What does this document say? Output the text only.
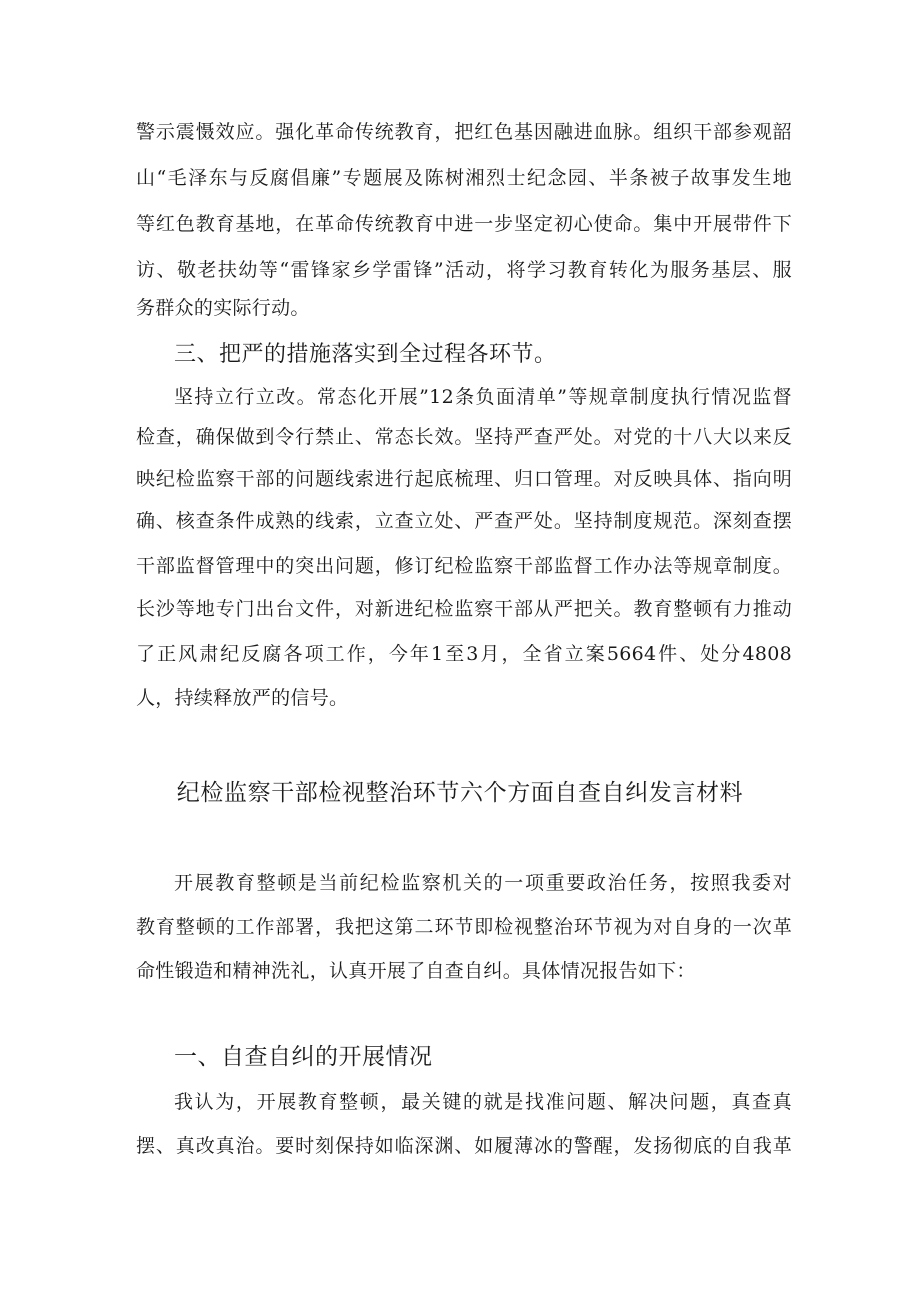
警示震慑效应。强化革命传统教育，把红色基因融进血脉。组织干部参观韶
山“毛泽东与反腐倡廉”专题展及陈树湘烈士纪念园、半条被子故事发生地
等红色教育基地，在革命传统教育中进一步坚定初心使命。集中开展带件下
访、敬老扶幼等“雷锋家乡学雷锋”活动，将学习教育转化为服务基层、服
务群众的实际行动。
三、把严的措施落实到全过程各环节。
坚持立行立改。常态化开展”12条负面清单”等规章制度执行情况监督
检查，确保做到令行禁止、常态长效。坚持严查严处。对党的十八大以来反
映纪检监察干部的问题线索进行起底梳理、归口管理。对反映具体、指向明
确、核查条件成熟的线索，立查立处、严查严处。坚持制度规范。深刻查摆
干部监督管理中的突出问题，修订纪检监察干部监督工作办法等规章制度。
长沙等地专门出台文件，对新进纪检监察干部从严把关。教育整顿有力推动
了正风肃纪反腐各项工作，今年1至3月，全省立案5664件、处分4808
人，持续释放严的信号。
纪检监察干部检视整治环节六个方面自查自纠发言材料
开展教育整顿是当前纪检监察机关的一项重要政治任务，按照我委对
教育整顿的工作部署，我把这第二环节即检视整治环节视为对自身的一次革
命性锻造和精神洗礼，认真开展了自查自纠。具体情况报告如下：
一、自查自纠的开展情况
我认为，开展教育整顿，最关键的就是找准问题、解决问题，真查真
摆、真改真治。要时刻保持如临深渊、如履薄冰的警醒，发扬彻底的自我革
